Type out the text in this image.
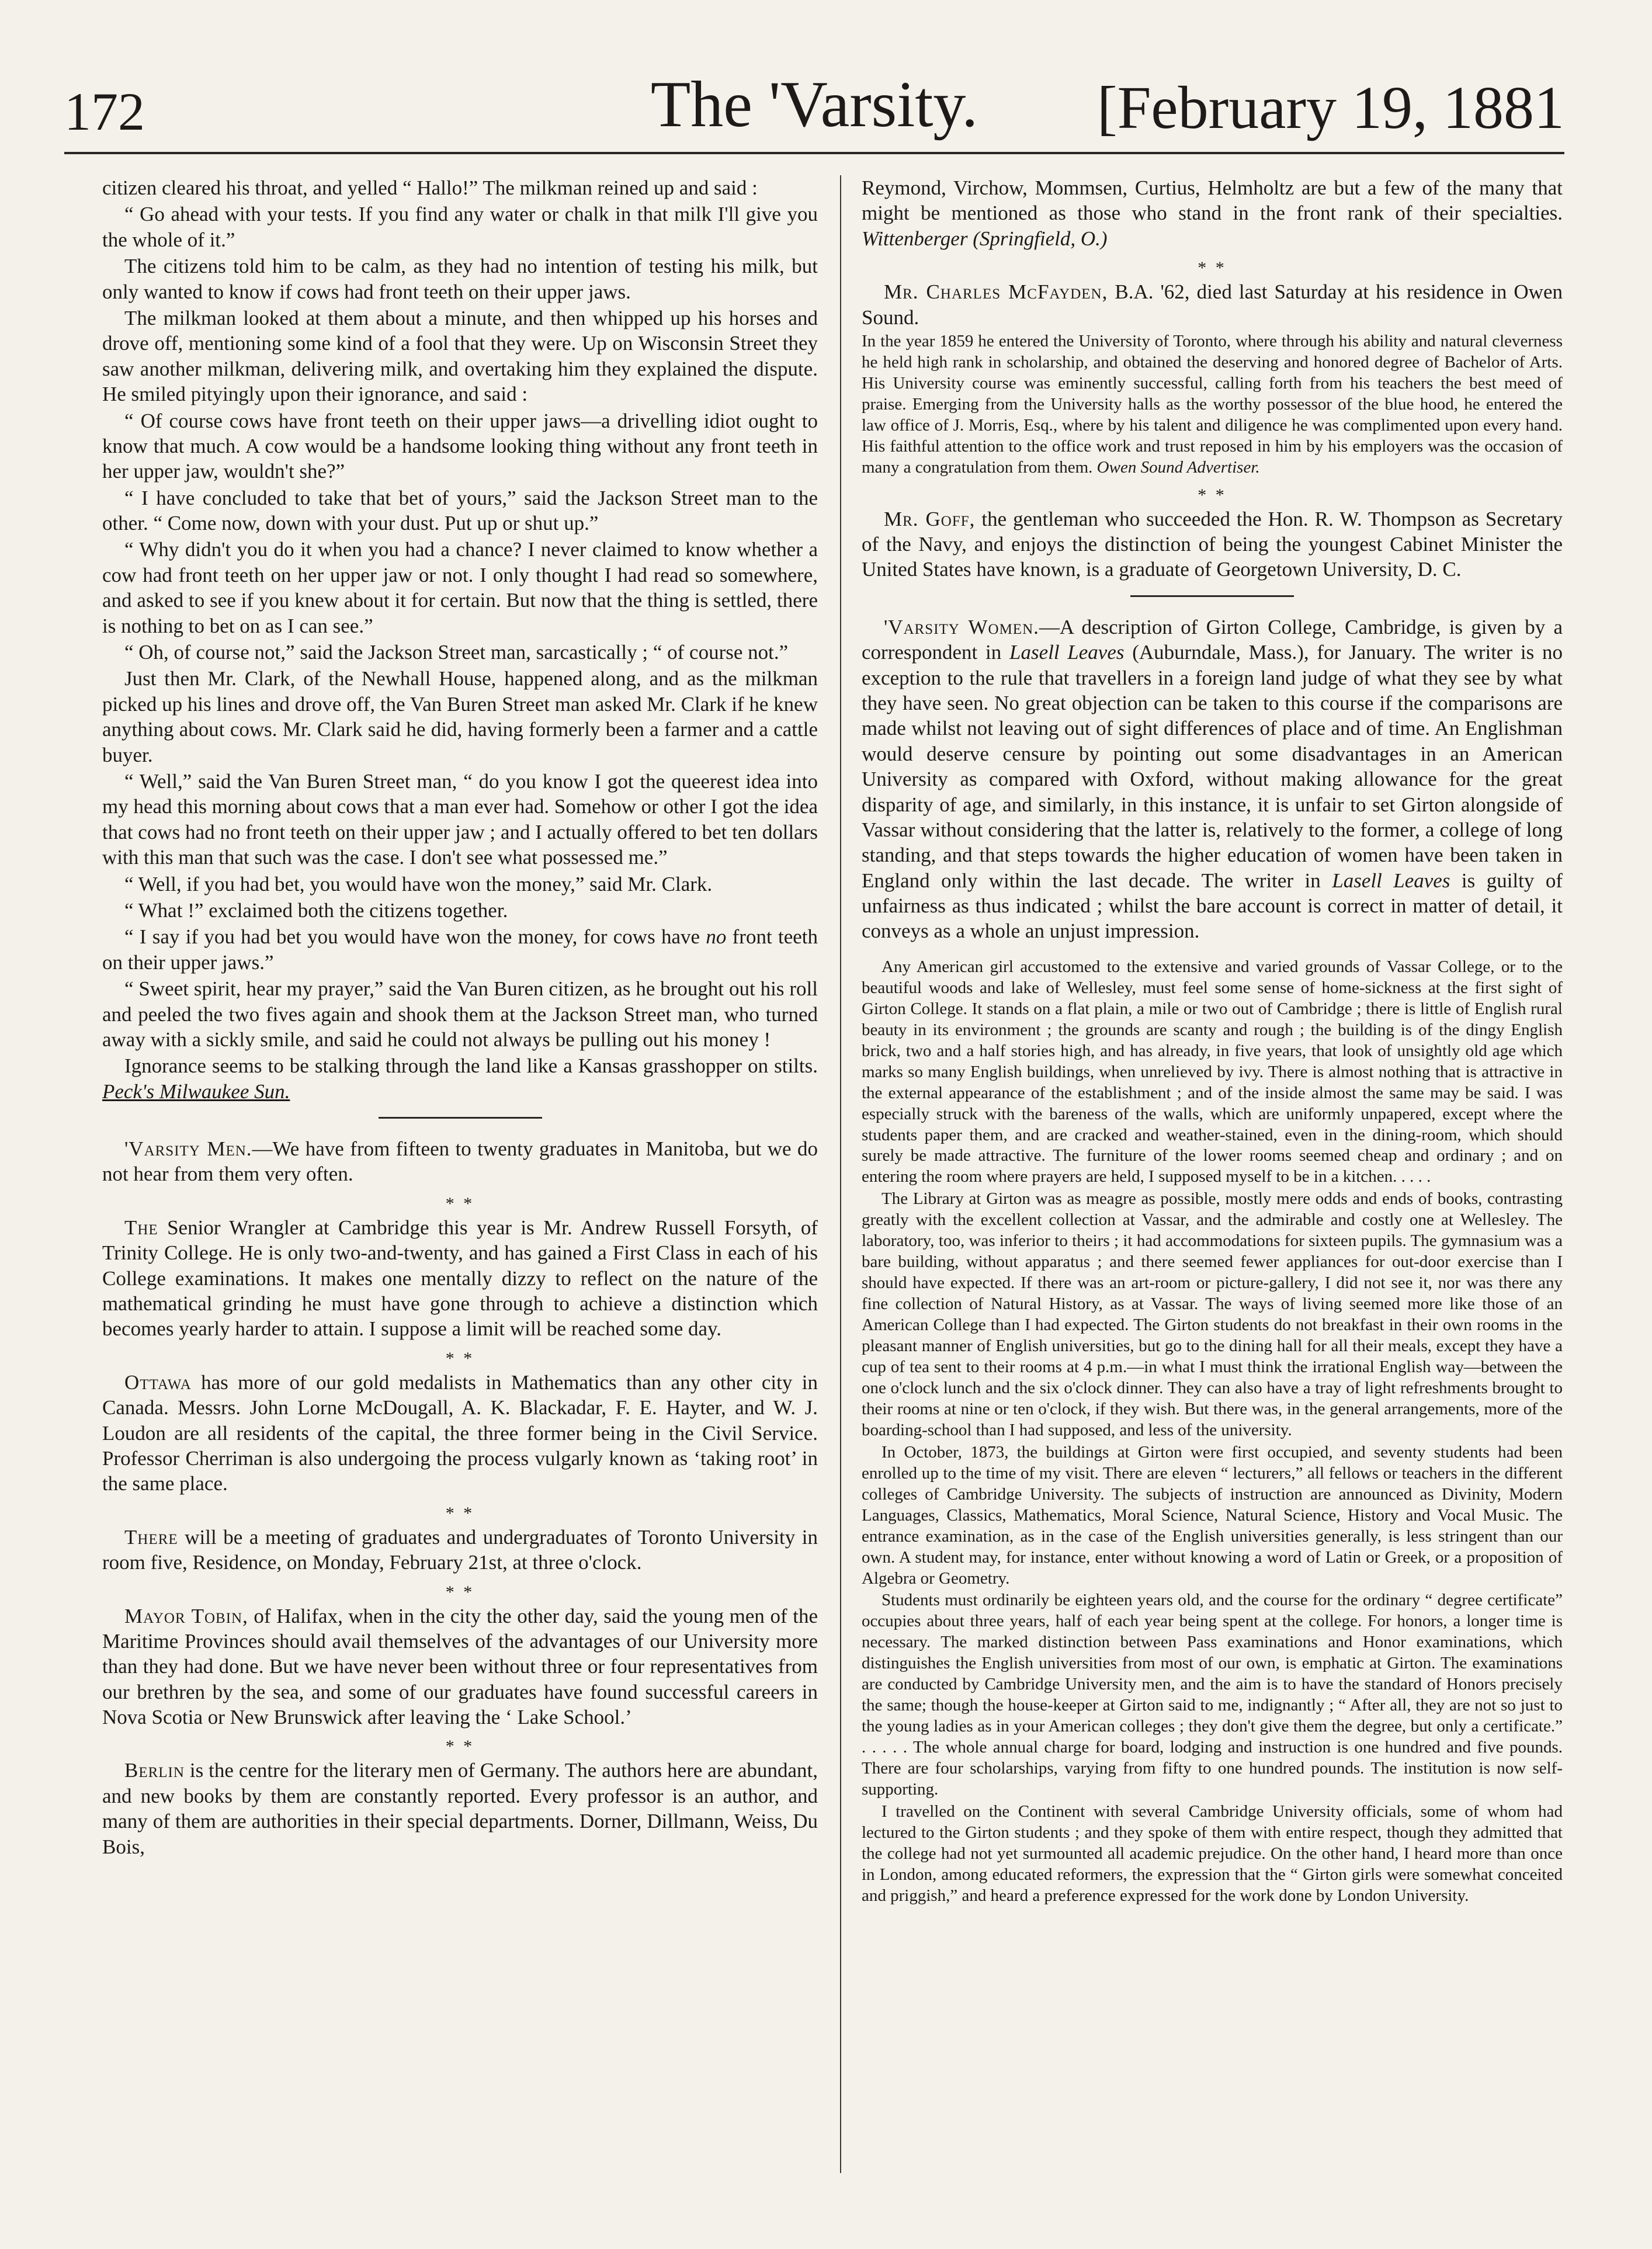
172	The 'Varsity.	[February 19, 1881

citizen cleared his throat, and yelled “ Hallo!” The milkman reined up and said :

“ Go ahead with your tests. If you find any water or chalk in that milk I'll give you the whole of it.”

The citizens told him to be calm, as they had no intention of testing his milk, but only wanted to know if cows had front teeth on their upper jaws.

The milkman looked at them about a minute, and then whipped up his horses and drove off, mentioning some kind of a fool that they were. Up on Wisconsin Street they saw another milkman, delivering milk, and overtaking him they explained the dispute. He smiled pityingly upon their ignorance, and said :

“ Of course cows have front teeth on their upper jaws—a drivelling idiot ought to know that much. A cow would be a handsome looking thing without any front teeth in her upper jaw, wouldn't she?”

“ I have concluded to take that bet of yours,” said the Jackson Street man to the other. “ Come now, down with your dust. Put up or shut up.”

“ Why didn't you do it when you had a chance? I never claimed to know whether a cow had front teeth on her upper jaw or not. I only thought I had read so somewhere, and asked to see if you knew about it for certain. But now that the thing is settled, there is nothing to bet on as I can see.”

“ Oh, of course not,” said the Jackson Street man, sarcastically ; “ of course not.”

Just then Mr. Clark, of the Newhall House, happened along, and as the milkman picked up his lines and drove off, the Van Buren Street man asked Mr. Clark if he knew anything about cows. Mr. Clark said he did, having formerly been a farmer and a cattle buyer.

“ Well,” said the Van Buren Street man, “ do you know I got the queerest idea into my head this morning about cows that a man ever had. Somehow or other I got the idea that cows had no front teeth on their upper jaw ; and I actually offered to bet ten dollars with this man that such was the case. I don't see what possessed me.”

“ Well, if you had bet, you would have won the money,” said Mr. Clark.

“ What !” exclaimed both the citizens together.

“ I say if you had bet you would have won the money, for cows have no front teeth on their upper jaws.”

“ Sweet spirit, hear my prayer,” said the Van Buren citizen, as he brought out his roll and peeled the two fives again and shook them at the Jackson Street man, who turned away with a sickly smile, and said he could not always be pulling out his money !

Ignorance seems to be stalking through the land like a Kansas grasshopper on stilts. Peck's Milwaukee Sun.

'Varsity Men.—We have from fifteen to twenty graduates in Manitoba, but we do not hear from them very often.

* *

The Senior Wrangler at Cambridge this year is Mr. Andrew Russell Forsyth, of Trinity College. He is only two-and-twenty, and has gained a First Class in each of his College examinations. It makes one mentally dizzy to reflect on the nature of the mathematical grinding he must have gone through to achieve a distinction which becomes yearly harder to attain. I suppose a limit will be reached some day.

* *

Ottawa has more of our gold medalists in Mathematics than any other city in Canada. Messrs. John Lorne McDougall, A. K. Blackadar, F. E. Hayter, and W. J. Loudon are all residents of the capital, the three former being in the Civil Service. Professor Cherriman is also undergoing the process vulgarly known as ‘taking root’ in the same place.

* *

There will be a meeting of graduates and undergraduates of Toronto University in room five, Residence, on Monday, February 21st, at three o'clock.

* *

Mayor Tobin, of Halifax, when in the city the other day, said the young men of the Maritime Provinces should avail themselves of the advantages of our University more than they had done. But we have never been without three or four representatives from our brethren by the sea, and some of our graduates have found successful careers in Nova Scotia or New Brunswick after leaving the ‘ Lake School.’

* *

Berlin is the centre for the literary men of Germany. The authors here are abundant, and new books by them are constantly reported. Every professor is an author, and many of them are authorities in their special departments. Dorner, Dillmann, Weiss, Du Bois,

Reymond, Virchow, Mommsen, Curtius, Helmholtz are but a few of the many that might be mentioned as those who stand in the front rank of their specialties. Wittenberger (Springfield, O.)

* *

Mr. Charles McFayden, B.A. '62, died last Saturday at his residence in Owen Sound.

In the year 1859 he entered the University of Toronto, where through his ability and natural cleverness he held high rank in scholarship, and obtained the deserving and honored degree of Bachelor of Arts. His University course was eminently successful, calling forth from his teachers the best meed of praise. Emerging from the University halls as the worthy possessor of the blue hood, he entered the law office of J. Morris, Esq., where by his talent and diligence he was complimented upon every hand. His faithful attention to the office work and trust reposed in him by his employers was the occasion of many a congratulation from them. Owen Sound Advertiser.

* *

Mr. Goff, the gentleman who succeeded the Hon. R. W. Thompson as Secretary of the Navy, and enjoys the distinction of being the youngest Cabinet Minister the United States have known, is a graduate of Georgetown University, D. C.

'Varsity Women.—A description of Girton College, Cambridge, is given by a correspondent in Lasell Leaves (Auburndale, Mass.), for January. The writer is no exception to the rule that travellers in a foreign land judge of what they see by what they have seen. No great objection can be taken to this course if the comparisons are made whilst not leaving out of sight differences of place and of time. An Englishman would deserve censure by pointing out some disadvantages in an American University as compared with Oxford, without making allowance for the great disparity of age, and similarly, in this instance, it is unfair to set Girton alongside of Vassar without considering that the latter is, relatively to the former, a college of long standing, and that steps towards the higher education of women have been taken in England only within the last decade. The writer in Lasell Leaves is guilty of unfairness as thus indicated ; whilst the bare account is correct in matter of detail, it conveys as a whole an unjust impression.

Any American girl accustomed to the extensive and varied grounds of Vassar College, or to the beautiful woods and lake of Wellesley, must feel some sense of home-sickness at the first sight of Girton College. It stands on a flat plain, a mile or two out of Cambridge ; there is little of English rural beauty in its environment ; the grounds are scanty and rough ; the building is of the dingy English brick, two and a half stories high, and has already, in five years, that look of unsightly old age which marks so many English buildings, when unrelieved by ivy. There is almost nothing that is attractive in the external appearance of the establishment ; and of the inside almost the same may be said. I was especially struck with the bareness of the walls, which are uniformly unpapered, except where the students paper them, and are cracked and weather-stained, even in the dining-room, which should surely be made attractive. The furniture of the lower rooms seemed cheap and ordinary ; and on entering the room where prayers are held, I supposed myself to be in a kitchen. . . . .

The Library at Girton was as meagre as possible, mostly mere odds and ends of books, contrasting greatly with the excellent collection at Vassar, and the admirable and costly one at Wellesley. The laboratory, too, was inferior to theirs ; it had accommodations for sixteen pupils. The gymnasium was a bare building, without apparatus ; and there seemed fewer appliances for out-door exercise than I should have expected. If there was an art-room or picture-gallery, I did not see it, nor was there any fine collection of Natural History, as at Vassar. The ways of living seemed more like those of an American College than I had expected. The Girton students do not breakfast in their own rooms in the pleasant manner of English universities, but go to the dining hall for all their meals, except they have a cup of tea sent to their rooms at 4 p.m.—in what I must think the irrational English way—between the one o'clock lunch and the six o'clock dinner. They can also have a tray of light refreshments brought to their rooms at nine or ten o'clock, if they wish. But there was, in the general arrangements, more of the boarding-school than I had supposed, and less of the university.

In October, 1873, the buildings at Girton were first occupied, and seventy students had been enrolled up to the time of my visit. There are eleven “ lecturers,” all fellows or teachers in the different colleges of Cambridge University. The subjects of instruction are announced as Divinity, Modern Languages, Classics, Mathematics, Moral Science, Natural Science, History and Vocal Music. The entrance examination, as in the case of the English universities generally, is less stringent than our own. A student may, for instance, enter without knowing a word of Latin or Greek, or a proposition of Algebra or Geometry.

Students must ordinarily be eighteen years old, and the course for the ordinary “ degree certificate” occupies about three years, half of each year being spent at the college. For honors, a longer time is necessary. The marked distinction between Pass examinations and Honor examinations, which distinguishes the English universities from most of our own, is emphatic at Girton. The examinations are conducted by Cambridge University men, and the aim is to have the standard of Honors precisely the same; though the house-keeper at Girton said to me, indignantly ; “ After all, they are not so just to the young ladies as in your American colleges ; they don't give them the degree, but only a certificate.” . . . . . The whole annual charge for board, lodging and instruction is one hundred and five pounds. There are four scholarships, varying from fifty to one hundred pounds. The institution is now self-supporting.

I travelled on the Continent with several Cambridge University officials, some of whom had lectured to the Girton students ; and they spoke of them with entire respect, though they admitted that the college had not yet surmounted all academic prejudice. On the other hand, I heard more than once in London, among educated reformers, the expression that the “ Girton girls were somewhat conceited and priggish,” and heard a preference expressed for the work done by London University.
